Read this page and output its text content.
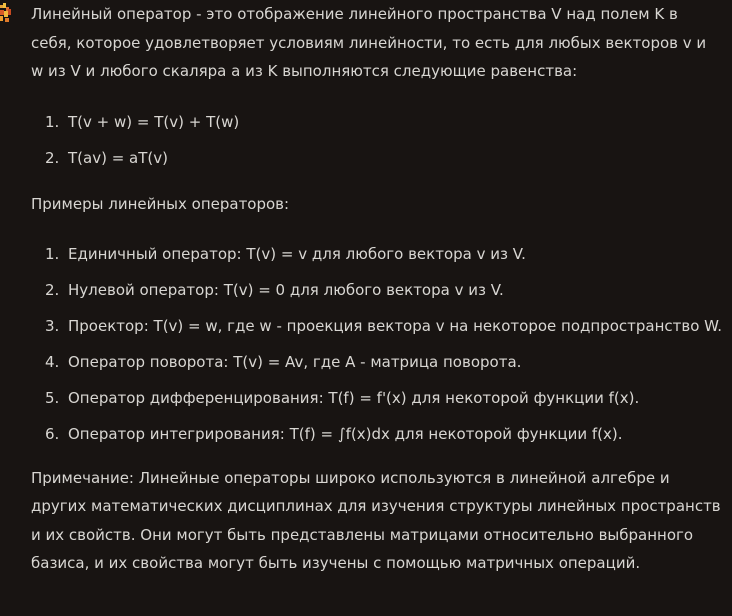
Линейный оператор - это отображение линейного пространства V над полем K в себя, которое удовлетворяет условиям линейности, то есть для любых векторов v и w из V и любого скаляра a из K выполняются следующие равенства:

1. T(v + w) = T(v) + T(w)
2. T(av) = aT(v)

Примеры линейных операторов:

1. Единичный оператор: T(v) = v для любого вектора v из V.
2. Нулевой оператор: T(v) = 0 для любого вектора v из V.
3. Проектор: T(v) = w, где w - проекция вектора v на некоторое подпространство W.
4. Оператор поворота: T(v) = Av, где A - матрица поворота.
5. Оператор дифференцирования: T(f) = f'(x) для некоторой функции f(x).
6. Оператор интегрирования: T(f) = ∫f(x)dx для некоторой функции f(x).

Примечание: Линейные операторы широко используются в линейной алгебре и других математических дисциплинах для изучения структуры линейных пространств и их свойств. Они могут быть представлены матрицами относительно выбранного базиса, и их свойства могут быть изучены с помощью матричных операций.
